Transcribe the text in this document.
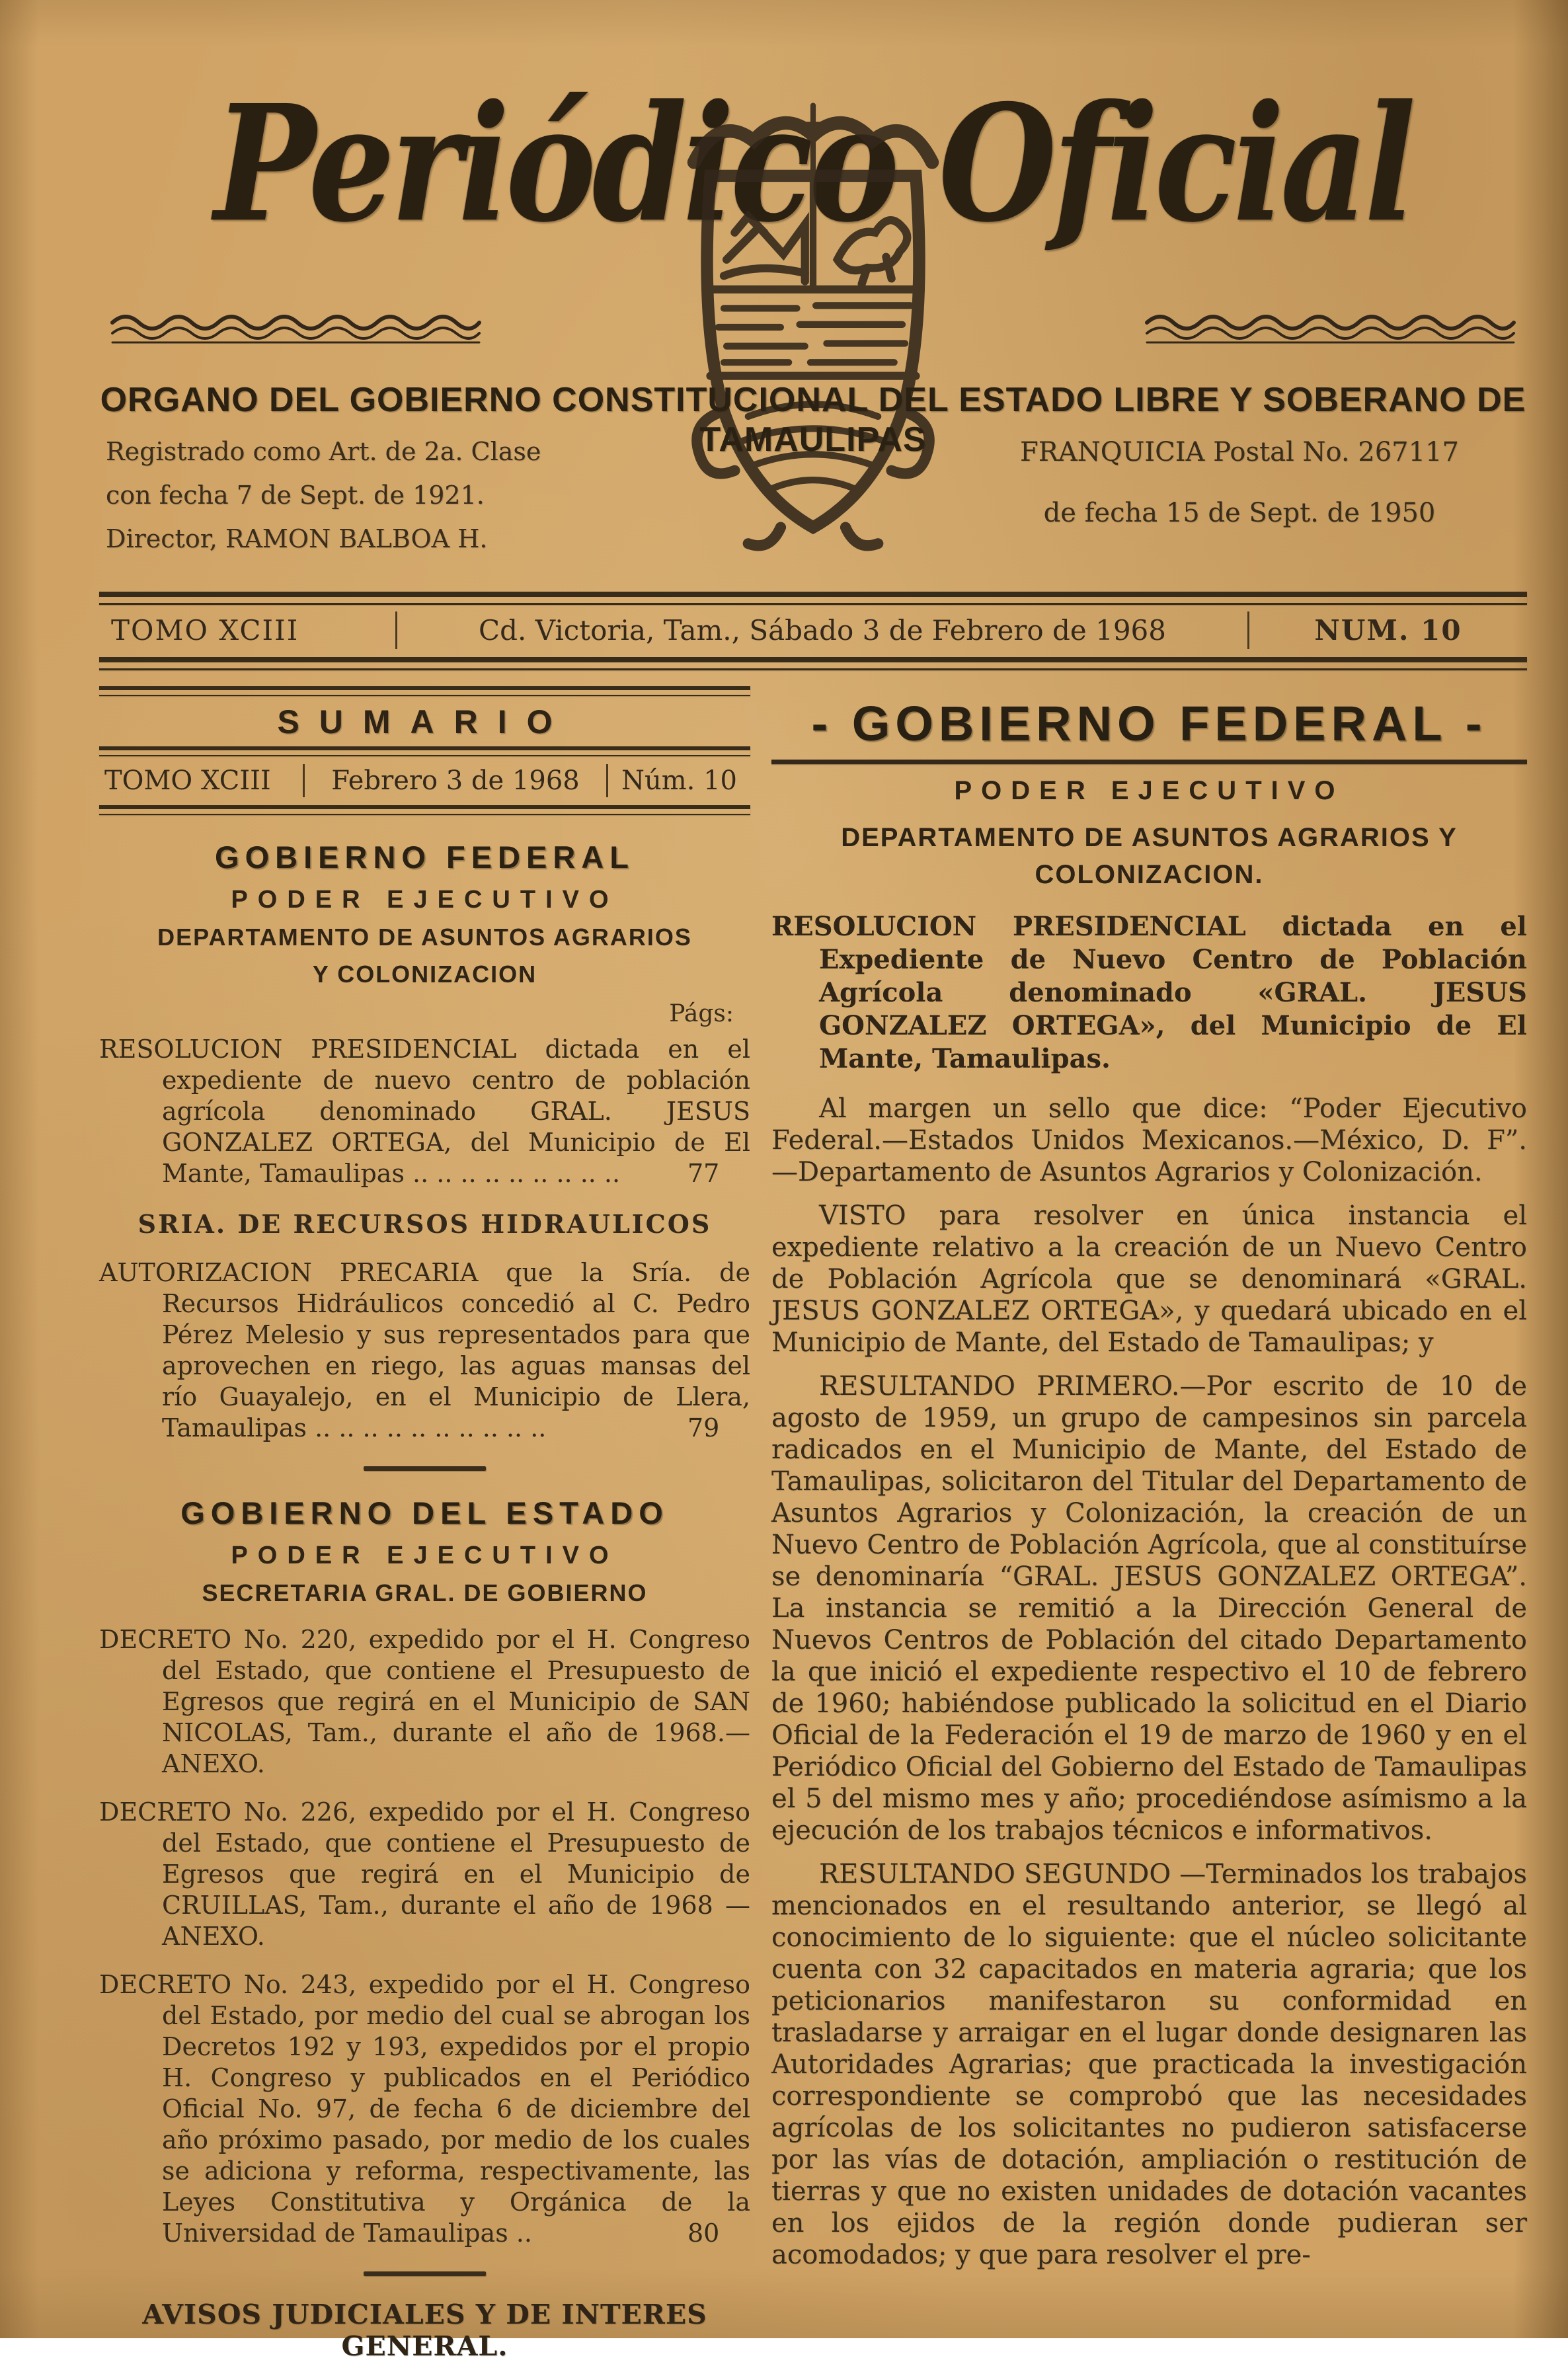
Periódico Oficial
ORGANO DEL GOBIERNO CONSTITUCIONAL DEL ESTADO LIBRE Y SOBERANO DE TAMAULIPAS
Registrado como Art. de 2a. Clase
con fecha 7 de Sept. de 1921.
Director, RAMON BALBOA H.
FRANQUICIA Postal No. 267117
de fecha 15 de Sept. de 1950
TOMO XCIII	Cd. Victoria, Tam., Sábado 3 de Febrero de 1968	NUM. 10
SUMARIO
TOMO XCIII	Febrero 3 de 1968	Núm. 10
GOBIERNO FEDERAL
PODER EJECUTIVO
DEPARTAMENTO DE ASUNTOS AGRARIOS
Y COLONIZACION
Págs:

RESOLUCION PRESIDENCIAL dictada en el expediente de nuevo centro de población agrícola denominado GRAL. JESUS GONZALEZ ORTEGA, del Municipio de El Mante, Tamaulipas .. .. .. .. .. .. .. .. ..	77

SRIA. DE RECURSOS HIDRAULICOS

AUTORIZACION PRECARIA que la Sría. de Recursos Hidráulicos concedió al C. Pedro Pérez Melesio y sus representados para que aprovechen en riego, las aguas mansas del río Guayalejo, en el Municipio de Llera, Tamaulipas .. .. .. .. .. .. .. .. .. ..	79

GOBIERNO DEL ESTADO
PODER EJECUTIVO
SECRETARIA GRAL. DE GOBIERNO

DECRETO No. 220, expedido por el H. Congreso del Estado, que contiene el Presupuesto de Egresos que regirá en el Municipio de SAN NICOLAS, Tam., durante el año de 1968.—ANEXO.

DECRETO No. 226, expedido por el H. Congreso del Estado, que contiene el Presupuesto de Egresos que regirá en el Municipio de CRUILLAS, Tam., durante el año de 1968 —ANEXO.

DECRETO No. 243, expedido por el H. Congreso del Estado, por medio del cual se abrogan los Decretos 192 y 193, expedidos por el propio H. Congreso y publicados en el Periódico Oficial No. 97, de fecha 6 de diciembre del año próximo pasado, por medio de los cuales se adiciona y reforma, respectivamente, las Leyes Constitutiva y Orgánica de la Universidad de Tamaulipas ..	80

AVISOS JUDICIALES Y DE INTERES GENERAL.
- GOBIERNO FEDERAL -
PODER EJECUTIVO
DEPARTAMENTO DE ASUNTOS AGRARIOS Y COLONIZACION.

RESOLUCION PRESIDENCIAL dictada en el Expediente de Nuevo Centro de Población Agrícola denominado «GRAL. JESUS GONZALEZ ORTEGA», del Municipio de El Mante, Tamaulipas.

Al margen un sello que dice: “Poder Ejecutivo Federal.—Estados Unidos Mexicanos.—México, D. F”. —Departamento de Asuntos Agrarios y Colonización.

VISTO para resolver en única instancia el expediente relativo a la creación de un Nuevo Centro de Población Agrícola que se denominará «GRAL. JESUS GONZALEZ ORTEGA», y quedará ubicado en el Municipio de Mante, del Estado de Tamaulipas; y

RESULTANDO PRIMERO.—Por escrito de 10 de agosto de 1959, un grupo de campesinos sin parcela radicados en el Municipio de Mante, del Estado de Tamaulipas, solicitaron del Titular del Departamento de Asuntos Agrarios y Colonización, la creación de un Nuevo Centro de Población Agrícola, que al constituírse se denominaría “GRAL. JESUS GONZALEZ ORTEGA”. La instancia se remitió a la Dirección General de Nuevos Centros de Población del citado Departamento la que inició el expediente respectivo el 10 de febrero de 1960; habiéndose publicado la solicitud en el Diario Oficial de la Federación el 19 de marzo de 1960 y en el Periódico Oficial del Gobierno del Estado de Tamaulipas el 5 del mismo mes y año; procediéndose asímismo a la ejecución de los trabajos técnicos e informativos.

RESULTANDO SEGUNDO —Terminados los trabajos mencionados en el resultando anterior, se llegó al conocimiento de lo siguiente: que el núcleo solicitante cuenta con 32 capacitados en materia agraria; que los peticionarios manifestaron su conformidad en trasladarse y arraigar en el lugar donde designaren las Autoridades Agrarias; que practicada la investigación correspondiente se comprobó que las necesidades agrícolas de los solicitantes no pudieron satisfacerse por las vías de dotación, ampliación o restitución de tierras y que no existen unidades de dotación vacantes en los ejidos de la región donde pudieran ser acomodados; y que para resolver el pre-
